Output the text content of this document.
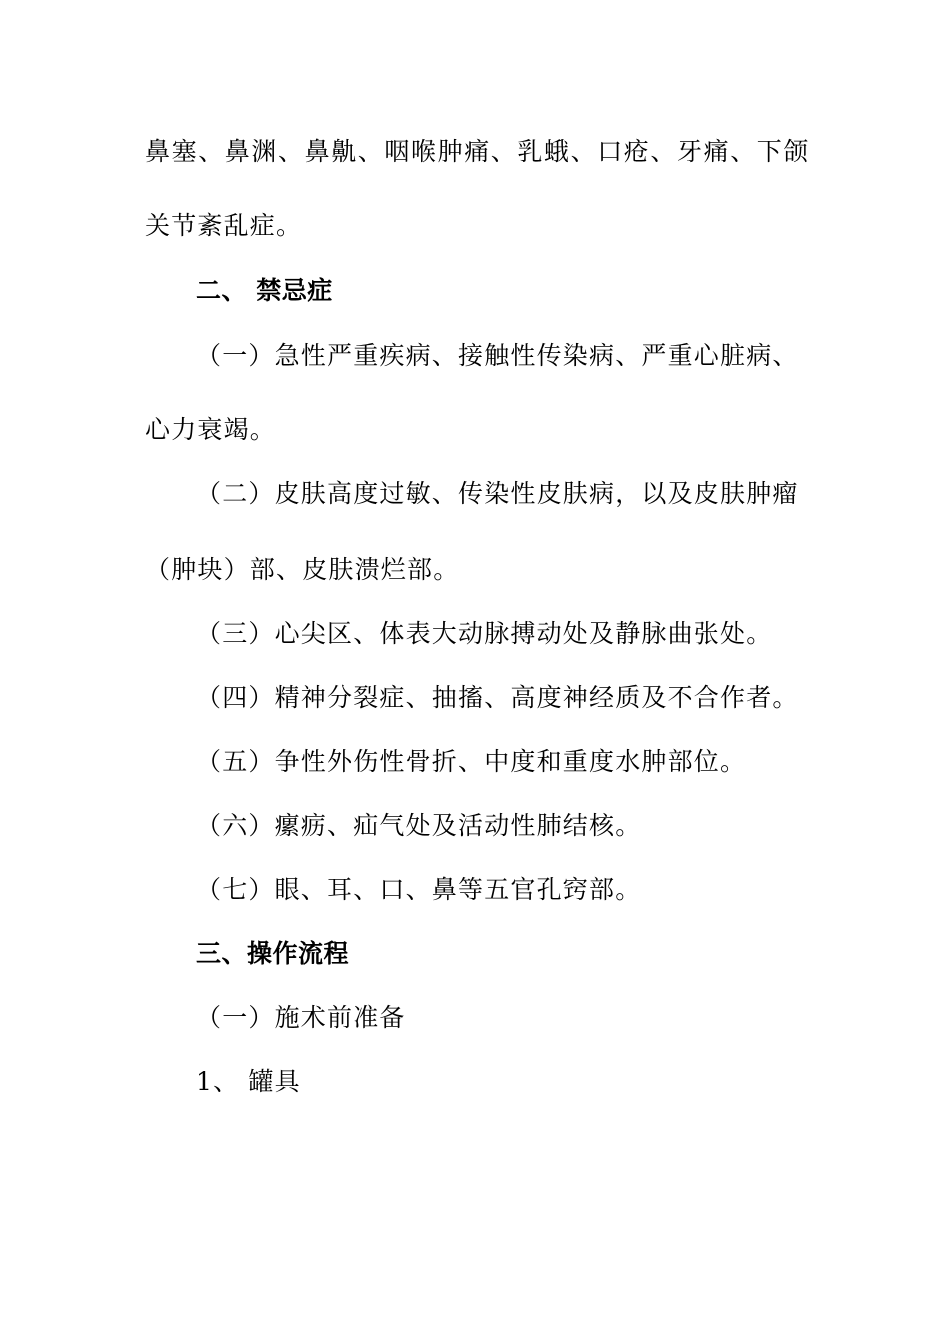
鼻塞、鼻渊、鼻鼽、咽喉肿痛、乳蛾、口疮、牙痛、下颌
关节紊乱症。
二、 禁忌症
（一）急性严重疾病、接触性传染病、严重心脏病、
心力衰竭。
（二）皮肤高度过敏、传染性皮肤病，以及皮肤肿瘤
（肿块）部、皮肤溃烂部。
（三）心尖区、体表大动脉搏动处及静脉曲张处。
（四）精神分裂症、抽搐、高度神经质及不合作者。
（五）争性外伤性骨折、中度和重度水肿部位。
（六）瘰疬、疝气处及活动性肺结核。
（七）眼、耳、口、鼻等五官孔窍部。
三、操作流程
（一）施术前准备
1、 罐具
